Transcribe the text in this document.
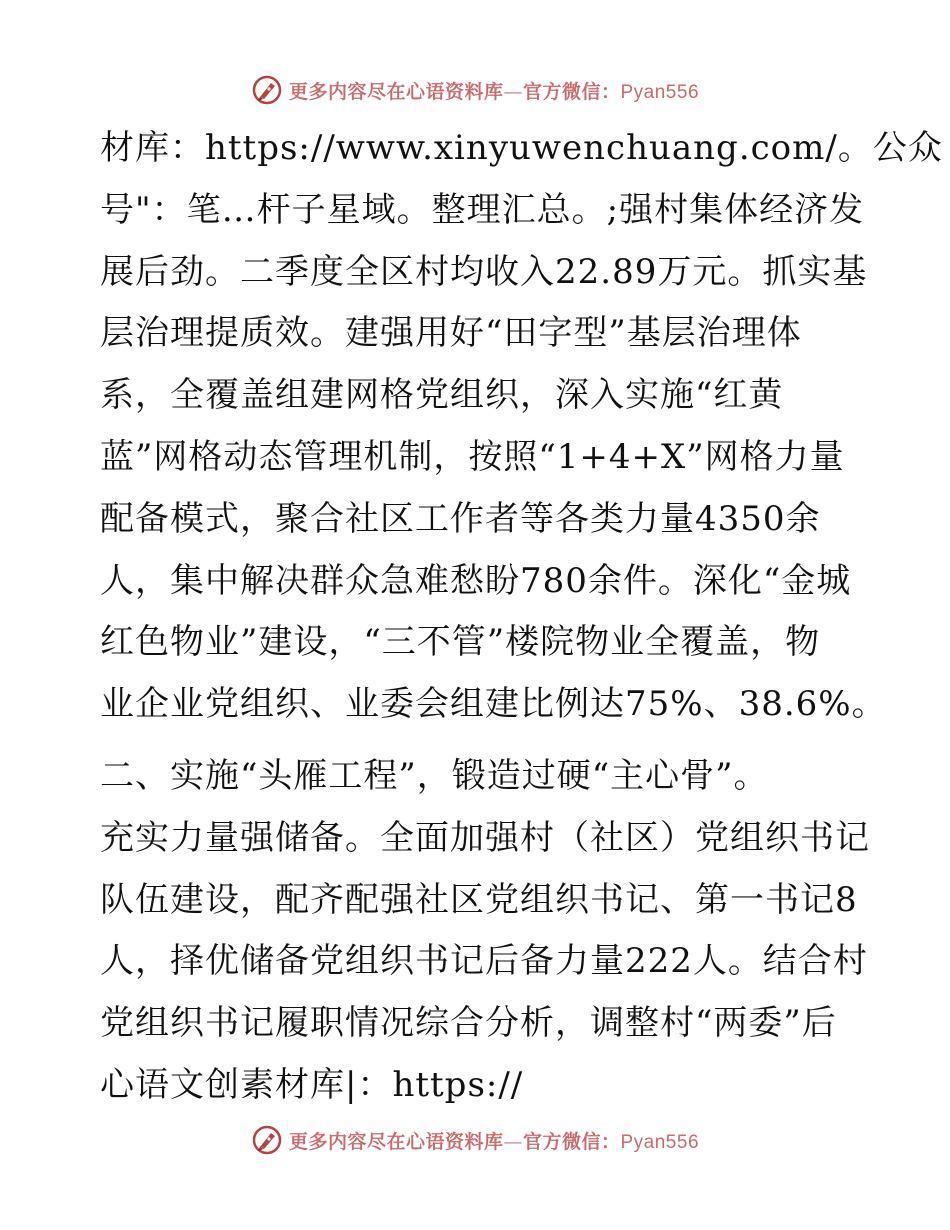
更多内容尽在心语资料库—官方微信：Pyan556

材库：https://www.xinyuwenchuang.com/。公众

号"：笔…杆子星域。整理汇总。;强村集体经济发

展后劲。二季度全区村均收入22.89万元。抓实基

层治理提质效。建强用好“田字型”基层治理体

系，全覆盖组建网格党组织，深入实施“红黄

蓝”网格动态管理机制，按照“1+4+X”网格力量

配备模式，聚合社区工作者等各类力量4350余

人，集中解决群众急难愁盼780余件。深化“金城

红色物业”建设，“三不管”楼院物业全覆盖，物

业企业党组织、业委会组建比例达75%、38.6%。

二、实施“头雁工程”，锻造过硬“主心骨”。

充实力量强储备。全面加强村（社区）党组织书记

队伍建设，配齐配强社区党组织书记、第一书记8

人，择优储备党组织书记后备力量222人。结合村

党组织书记履职情况综合分析，调整村“两委”后

心语文创素材库|：https://

更多内容尽在心语资料库—官方微信：Pyan556
